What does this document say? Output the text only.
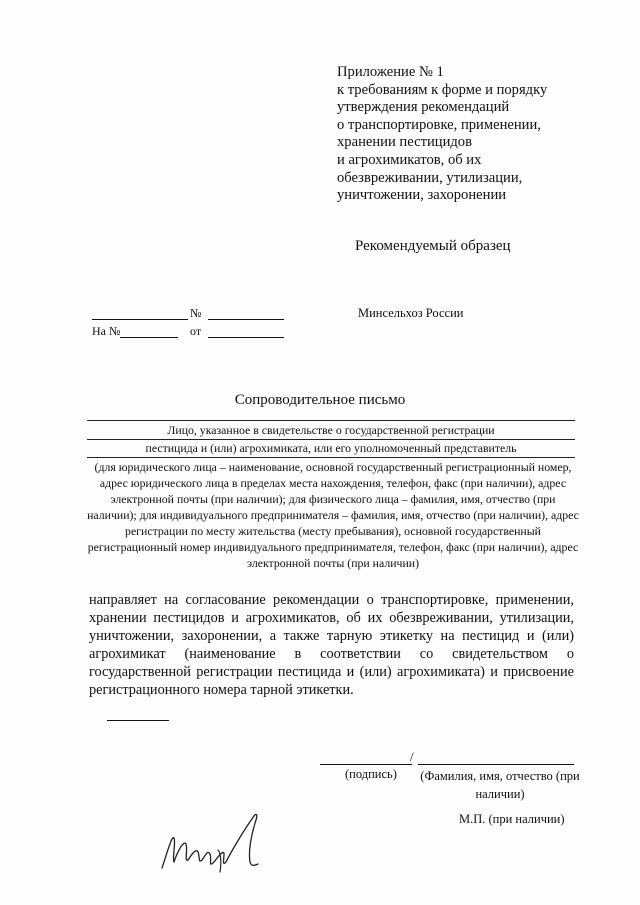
Приложение № 1
к требованиям к форме и порядку
утверждения рекомендаций
о транспортировке, применении,
хранении пестицидов
и агрохимикатов, об их
обезвреживании, утилизации,
уничтожении, захоронении
Рекомендуемый образец
№
На №	от
Минсельхоз России
Сопроводительное письмо
Лицо, указанное в свидетельстве о государственной регистрации
пестицида и (или) агрохимиката, или его уполномоченный представитель
(для юридического лица – наименование, основной государственный регистрационный номер, адрес юридического лица в пределах места нахождения, телефон, факс (при наличии), адрес электронной почты (при наличии); для физического лица – фамилия, имя, отчество (при наличии); для индивидуального предпринимателя – фамилия, имя, отчество (при наличии), адрес регистрации по месту жительства (месту пребывания), основной государственный регистрационный номер индивидуального предпринимателя, телефон, факс (при наличии), адрес электронной почты (при наличии)
направляет на согласование рекомендации о транспортировке, применении, хранении пестицидов и агрохимикатов, об их обезвреживании, утилизации, уничтожении, захоронении, а также тарную этикетку на пестицид и (или) агрохимикат (наименование в соответствии со свидетельством о государственной регистрации пестицида и (или) агрохимиката) и присвоение регистрационного номера тарной этикетки.
/
(подпись) (Фамилия, имя, отчество (при наличии)
М.П. (при наличии)
